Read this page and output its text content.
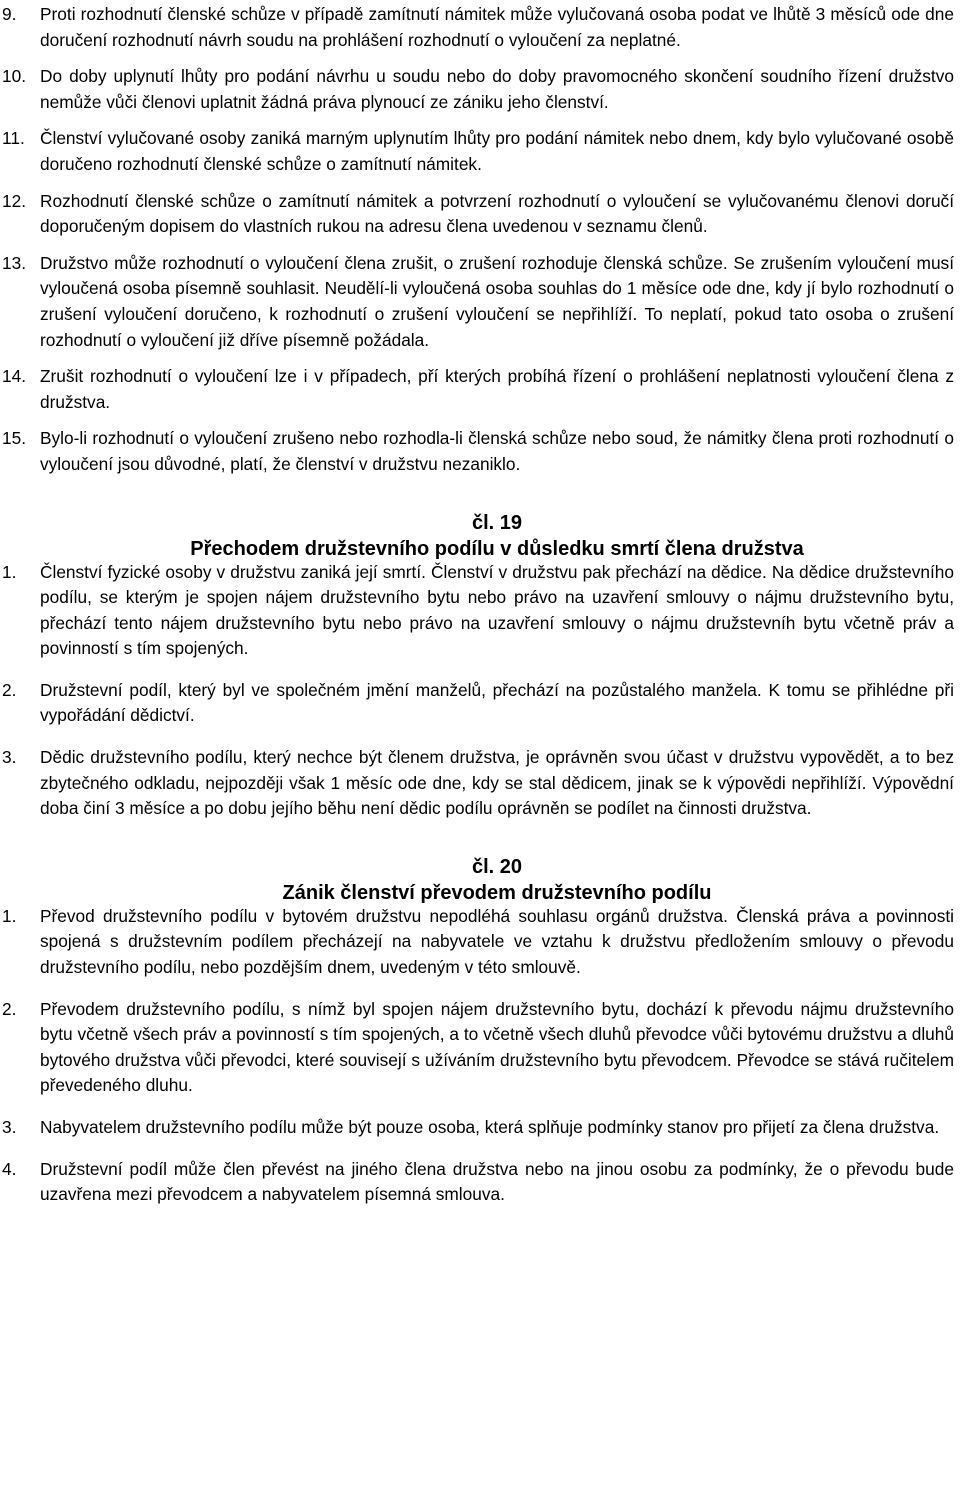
9.	Proti rozhodnutí členské schůze v případě zamítnutí námitek může vylučovaná osoba podat ve lhůtě 3 měsíců ode dne doručení rozhodnutí návrh soudu na prohlášení rozhodnutí o vyloučení za neplatné.
10. Do doby uplynutí lhůty pro podání návrhu u soudu nebo do doby pravomocného skončení soudního řízení družstvo nemůže vůči členovi uplatnit žádná práva plynoucí ze zániku jeho členství.
11. Členství vylučované osoby zaniká marným uplynutím lhůty pro podání námitek nebo dnem, kdy bylo vylučované osobě doručeno rozhodnutí členské schůze o zamítnutí námitek.
12. Rozhodnutí členské schůze o zamítnutí námitek a potvrzení rozhodnutí o vyloučení se vylučovanému členovi doručí doporučeným dopisem do vlastních rukou na adresu člena uvedenou v seznamu členů.
13. Družstvo může rozhodnutí o vyloučení člena zrušit, o zrušení rozhoduje členská schůze. Se zrušením vyloučení musí vyloučená osoba písemně souhlasit. Neudělí-li vyloučená osoba souhlas do 1 měsíce ode dne, kdy jí bylo rozhodnutí o zrušení vyloučení doručeno, k rozhodnutí o zrušení vyloučení se nepřihlíží. To neplatí, pokud tato osoba o zrušení rozhodnutí o vyloučení již dříve písemně požádala.
14. Zrušit rozhodnutí o vyloučení lze i v případech, pří kterých probíhá řízení o prohlášení neplatnosti vyloučení člena z družstva.
15. Bylo-li rozhodnutí o vyloučení zrušeno nebo rozhodla-li členská schůze nebo soud, že námitky člena proti rozhodnutí o vyloučení jsou důvodné, platí, že členství v družstvu nezaniklo.
čl. 19
Přechodem družstevního podílu v důsledku smrtí člena družstva
1.	Členství fyzické osoby v družstvu zaniká její smrtí. Členství v družstvu pak přechází na dědice. Na dědice družstevního podílu, se kterým je spojen nájem družstevního bytu nebo právo na uzavření smlouvy o nájmu družstevního bytu, přechází tento nájem družstevního bytu nebo právo na uzavření smlouvy o nájmu družstevníh bytu včetně práv a povinností s tím spojených.
2.	Družstevní podíl, který byl ve společném jmění manželů, přechází na pozůstalého manžela. K tomu se přihlédne při vypořádání dědictví.
3.	Dědic družstevního podílu, který nechce být členem družstva, je oprávněn svou účast v družstvu vypovědět, a to bez zbytečného odkladu, nejpozději však 1 měsíc ode dne, kdy se stal dědicem, jinak se k výpovědi nepřihlíží. Výpovědní doba činí 3 měsíce a po dobu jejího běhu není dědic podílu oprávněn se podílet na činnosti družstva.
čl. 20
Zánik členství převodem družstevního podílu
1.	Převod družstevního podílu v bytovém družstvu nepodléhá souhlasu orgánů družstva. Členská práva a povinnosti spojená s družstevním podílem přecházejí na nabyvatele ve vztahu k družstvu předložením smlouvy o převodu družstevního podílu, nebo pozdějším dnem, uvedeným v této smlouvě.
2.	Převodem družstevního podílu, s nímž byl spojen nájem družstevního bytu, dochází k převodu nájmu družstevního bytu včetně všech práv a povinností s tím spojených, a to včetně všech dluhů převodce vůči bytovému družstvu a dluhů bytového družstva vůči převodci, které souvisejí s užíváním družstevního bytu převodcem. Převodce se stává ručitelem převedeného dluhu.
3.	Nabyvatelem družstevního podílu může být pouze osoba, která splňuje podmínky stanov pro přijetí za člena družstva.
4.	Družstevní podíl může člen převést na jiného člena družstva nebo na jinou osobu za podmínky, že o převodu bude uzavřena mezi převodcem a nabyvatelem písemná smlouva.
